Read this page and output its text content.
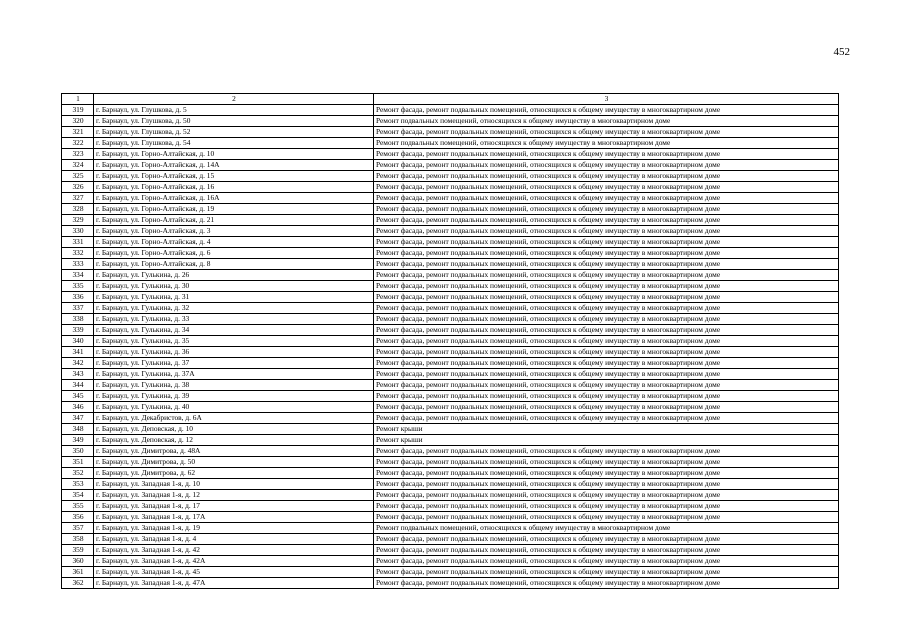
452
1	2	3
319	г. Барнаул, ул. Глушкова, д. 5	Ремонт фасада, ремонт подвальных помещений, относящихся к общему имуществу в многоквартирном доме
320	г. Барнаул, ул. Глушкова, д. 50	Ремонт подвальных помещений, относящихся к общему имуществу в многоквартирном доме
321	г. Барнаул, ул. Глушкова, д. 52	Ремонт фасада, ремонт подвальных помещений, относящихся к общему имуществу в многоквартирном доме
322	г. Барнаул, ул. Глушкова, д. 54	Ремонт подвальных помещений, относящихся к общему имуществу в многоквартирном доме
323	г. Барнаул, ул. Горно-Алтайская, д. 10	Ремонт фасада, ремонт подвальных помещений, относящихся к общему имуществу в многоквартирном доме
324	г. Барнаул, ул. Горно-Алтайская, д. 14А	Ремонт фасада, ремонт подвальных помещений, относящихся к общему имуществу в многоквартирном доме
325	г. Барнаул, ул. Горно-Алтайская, д. 15	Ремонт фасада, ремонт подвальных помещений, относящихся к общему имуществу в многоквартирном доме
326	г. Барнаул, ул. Горно-Алтайская, д. 16	Ремонт фасада, ремонт подвальных помещений, относящихся к общему имуществу в многоквартирном доме
327	г. Барнаул, ул. Горно-Алтайская, д. 16А	Ремонт фасада, ремонт подвальных помещений, относящихся к общему имуществу в многоквартирном доме
328	г. Барнаул, ул. Горно-Алтайская, д. 19	Ремонт фасада, ремонт подвальных помещений, относящихся к общему имуществу в многоквартирном доме
329	г. Барнаул, ул. Горно-Алтайская, д. 21	Ремонт фасада, ремонт подвальных помещений, относящихся к общему имуществу в многоквартирном доме
330	г. Барнаул, ул. Горно-Алтайская, д. 3	Ремонт фасада, ремонт подвальных помещений, относящихся к общему имуществу в многоквартирном доме
331	г. Барнаул, ул. Горно-Алтайская, д. 4	Ремонт фасада, ремонт подвальных помещений, относящихся к общему имуществу в многоквартирном доме
332	г. Барнаул, ул. Горно-Алтайская, д. 6	Ремонт фасада, ремонт подвальных помещений, относящихся к общему имуществу в многоквартирном доме
333	г. Барнаул, ул. Горно-Алтайская, д. 8	Ремонт фасада, ремонт подвальных помещений, относящихся к общему имуществу в многоквартирном доме
334	г. Барнаул, ул. Гулькина, д. 26	Ремонт фасада, ремонт подвальных помещений, относящихся к общему имуществу в многоквартирном доме
335	г. Барнаул, ул. Гулькина, д. 30	Ремонт фасада, ремонт подвальных помещений, относящихся к общему имуществу в многоквартирном доме
336	г. Барнаул, ул. Гулькина, д. 31	Ремонт фасада, ремонт подвальных помещений, относящихся к общему имуществу в многоквартирном доме
337	г. Барнаул, ул. Гулькина, д. 32	Ремонт фасада, ремонт подвальных помещений, относящихся к общему имуществу в многоквартирном доме
338	г. Барнаул, ул. Гулькина, д. 33	Ремонт фасада, ремонт подвальных помещений, относящихся к общему имуществу в многоквартирном доме
339	г. Барнаул, ул. Гулькина, д. 34	Ремонт фасада, ремонт подвальных помещений, относящихся к общему имуществу в многоквартирном доме
340	г. Барнаул, ул. Гулькина, д. 35	Ремонт фасада, ремонт подвальных помещений, относящихся к общему имуществу в многоквартирном доме
341	г. Барнаул, ул. Гулькина, д. 36	Ремонт фасада, ремонт подвальных помещений, относящихся к общему имуществу в многоквартирном доме
342	г. Барнаул, ул. Гулькина, д. 37	Ремонт фасада, ремонт подвальных помещений, относящихся к общему имуществу в многоквартирном доме
343	г. Барнаул, ул. Гулькина, д. 37А	Ремонт фасада, ремонт подвальных помещений, относящихся к общему имуществу в многоквартирном доме
344	г. Барнаул, ул. Гулькина, д. 38	Ремонт фасада, ремонт подвальных помещений, относящихся к общему имуществу в многоквартирном доме
345	г. Барнаул, ул. Гулькина, д. 39	Ремонт фасада, ремонт подвальных помещений, относящихся к общему имуществу в многоквартирном доме
346	г. Барнаул, ул. Гулькина, д. 40	Ремонт фасада, ремонт подвальных помещений, относящихся к общему имуществу в многоквартирном доме
347	г. Барнаул, ул. Декабристов, д. 6А	Ремонт фасада, ремонт подвальных помещений, относящихся к общему имуществу в многоквартирном доме
348	г. Барнаул, ул. Деповская, д. 10	Ремонт крыши
349	г. Барнаул, ул. Деповская, д. 12	Ремонт крыши
350	г. Барнаул, ул. Димитрова, д. 48А	Ремонт фасада, ремонт подвальных помещений, относящихся к общему имуществу в многоквартирном доме
351	г. Барнаул, ул. Димитрова, д. 50	Ремонт фасада, ремонт подвальных помещений, относящихся к общему имуществу в многоквартирном доме
352	г. Барнаул, ул. Димитрова, д. 62	Ремонт фасада, ремонт подвальных помещений, относящихся к общему имуществу в многоквартирном доме
353	г. Барнаул, ул. Западная 1-я, д. 10	Ремонт фасада, ремонт подвальных помещений, относящихся к общему имуществу в многоквартирном доме
354	г. Барнаул, ул. Западная 1-я, д. 12	Ремонт фасада, ремонт подвальных помещений, относящихся к общему имуществу в многоквартирном доме
355	г. Барнаул, ул. Западная 1-я, д. 17	Ремонт фасада, ремонт подвальных помещений, относящихся к общему имуществу в многоквартирном доме
356	г. Барнаул, ул. Западная 1-я, д. 17А	Ремонт фасада, ремонт подвальных помещений, относящихся к общему имуществу в многоквартирном доме
357	г. Барнаул, ул. Западная 1-я, д. 19	Ремонт подвальных помещений, относящихся к общему имуществу в многоквартирном доме
358	г. Барнаул, ул. Западная 1-я, д. 4	Ремонт фасада, ремонт подвальных помещений, относящихся к общему имуществу в многоквартирном доме
359	г. Барнаул, ул. Западная 1-я, д. 42	Ремонт фасада, ремонт подвальных помещений, относящихся к общему имуществу в многоквартирном доме
360	г. Барнаул, ул. Западная 1-я, д. 42А	Ремонт фасада, ремонт подвальных помещений, относящихся к общему имуществу в многоквартирном доме
361	г. Барнаул, ул. Западная 1-я, д. 45	Ремонт фасада, ремонт подвальных помещений, относящихся к общему имуществу в многоквартирном доме
362	г. Барнаул, ул. Западная 1-я, д. 47А	Ремонт фасада, ремонт подвальных помещений, относящихся к общему имуществу в многоквартирном доме
